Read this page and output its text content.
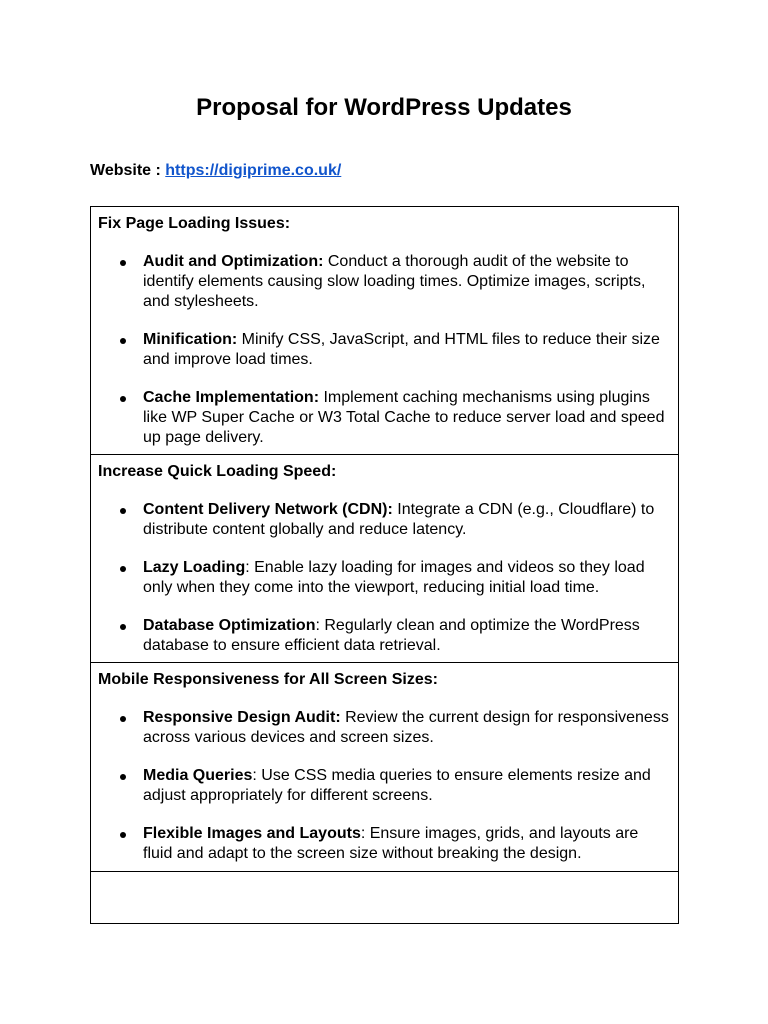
Proposal for WordPress Updates
Website : https://digiprime.co.uk/
Fix Page Loading Issues:
Audit and Optimization: Conduct a thorough audit of the website to identify elements causing slow loading times. Optimize images, scripts, and stylesheets.
Minification: Minify CSS, JavaScript, and HTML files to reduce their size and improve load times.
Cache Implementation: Implement caching mechanisms using plugins like WP Super Cache or W3 Total Cache to reduce server load and speed up page delivery.
Increase Quick Loading Speed:
Content Delivery Network (CDN): Integrate a CDN (e.g., Cloudflare) to distribute content globally and reduce latency.
Lazy Loading: Enable lazy loading for images and videos so they load only when they come into the viewport, reducing initial load time.
Database Optimization: Regularly clean and optimize the WordPress database to ensure efficient data retrieval.
Mobile Responsiveness for All Screen Sizes:
Responsive Design Audit: Review the current design for responsiveness across various devices and screen sizes.
Media Queries: Use CSS media queries to ensure elements resize and adjust appropriately for different screens.
Flexible Images and Layouts: Ensure images, grids, and layouts are fluid and adapt to the screen size without breaking the design.
